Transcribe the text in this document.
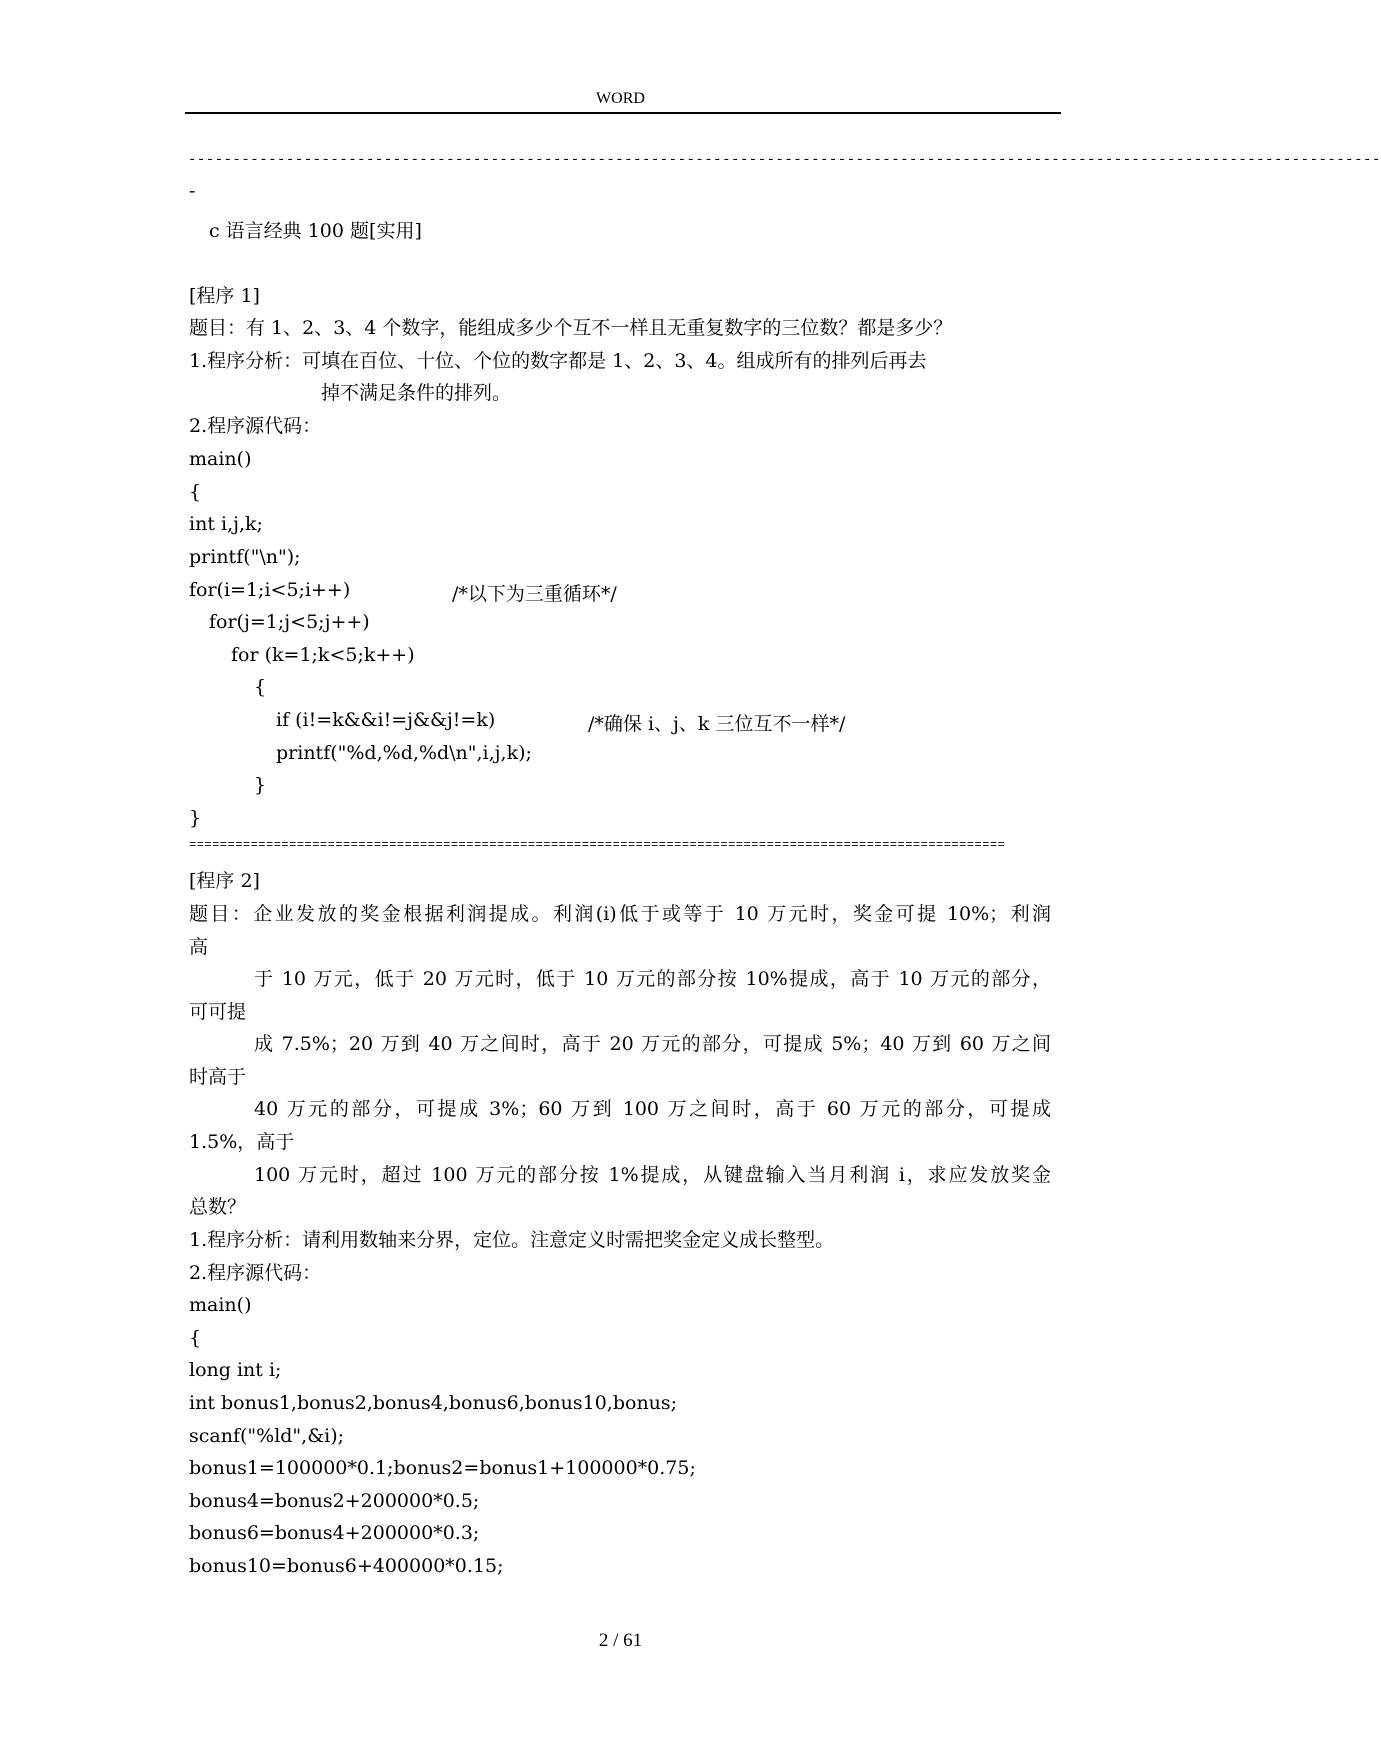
WORD
--------------------------------------------------------------------------------------------------------------------------------------
-
c 语言经典 100 题[实用]
[程序 1]
题目：有 1、2、3、4 个数字，能组成多少个互不一样且无重复数字的三位数？都是多少？
1.程序分析：可填在百位、十位、个位的数字都是 1、2、3、4。组成所有的排列后再去
掉不满足条件的排列。
2.程序源代码：
main()
{
int i,j,k;
printf("\n");
for(i=1;i<5;i++)	/*以下为三重循环*/
for(j=1;j<5;j++)
for (k=1;k<5;k++)
{
if (i!=k&&i!=j&&j!=k)	/*确保 i、j、k 三位互不一样*/
printf("%d,%d,%d\n",i,j,k);
}
}
==========================================================================================================
[程序 2]
题目：企业发放的奖金根据利润提成。利润(i)低于或等于 10 万元时，奖金可提 10%；利润
高
于 10 万元，低于 20 万元时，低于 10 万元的部分按 10%提成，高于 10 万元的部分，
可可提
成 7.5%；20 万到 40 万之间时，高于 20 万元的部分，可提成 5%；40 万到 60 万之间
时高于
40 万元的部分，可提成 3%；60 万到 100 万之间时，高于 60 万元的部分，可提成
1.5%，高于
100 万元时，超过 100 万元的部分按 1%提成，从键盘输入当月利润 i，求应发放奖金
总数？
1.程序分析：请利用数轴来分界，定位。注意定义时需把奖金定义成长整型。
2.程序源代码：
main()
{
long int i;
int bonus1,bonus2,bonus4,bonus6,bonus10,bonus;
scanf("%ld",&i);
bonus1=100000*0.1;bonus2=bonus1+100000*0.75;
bonus4=bonus2+200000*0.5;
bonus6=bonus4+200000*0.3;
bonus10=bonus6+400000*0.15;
2 / 61
